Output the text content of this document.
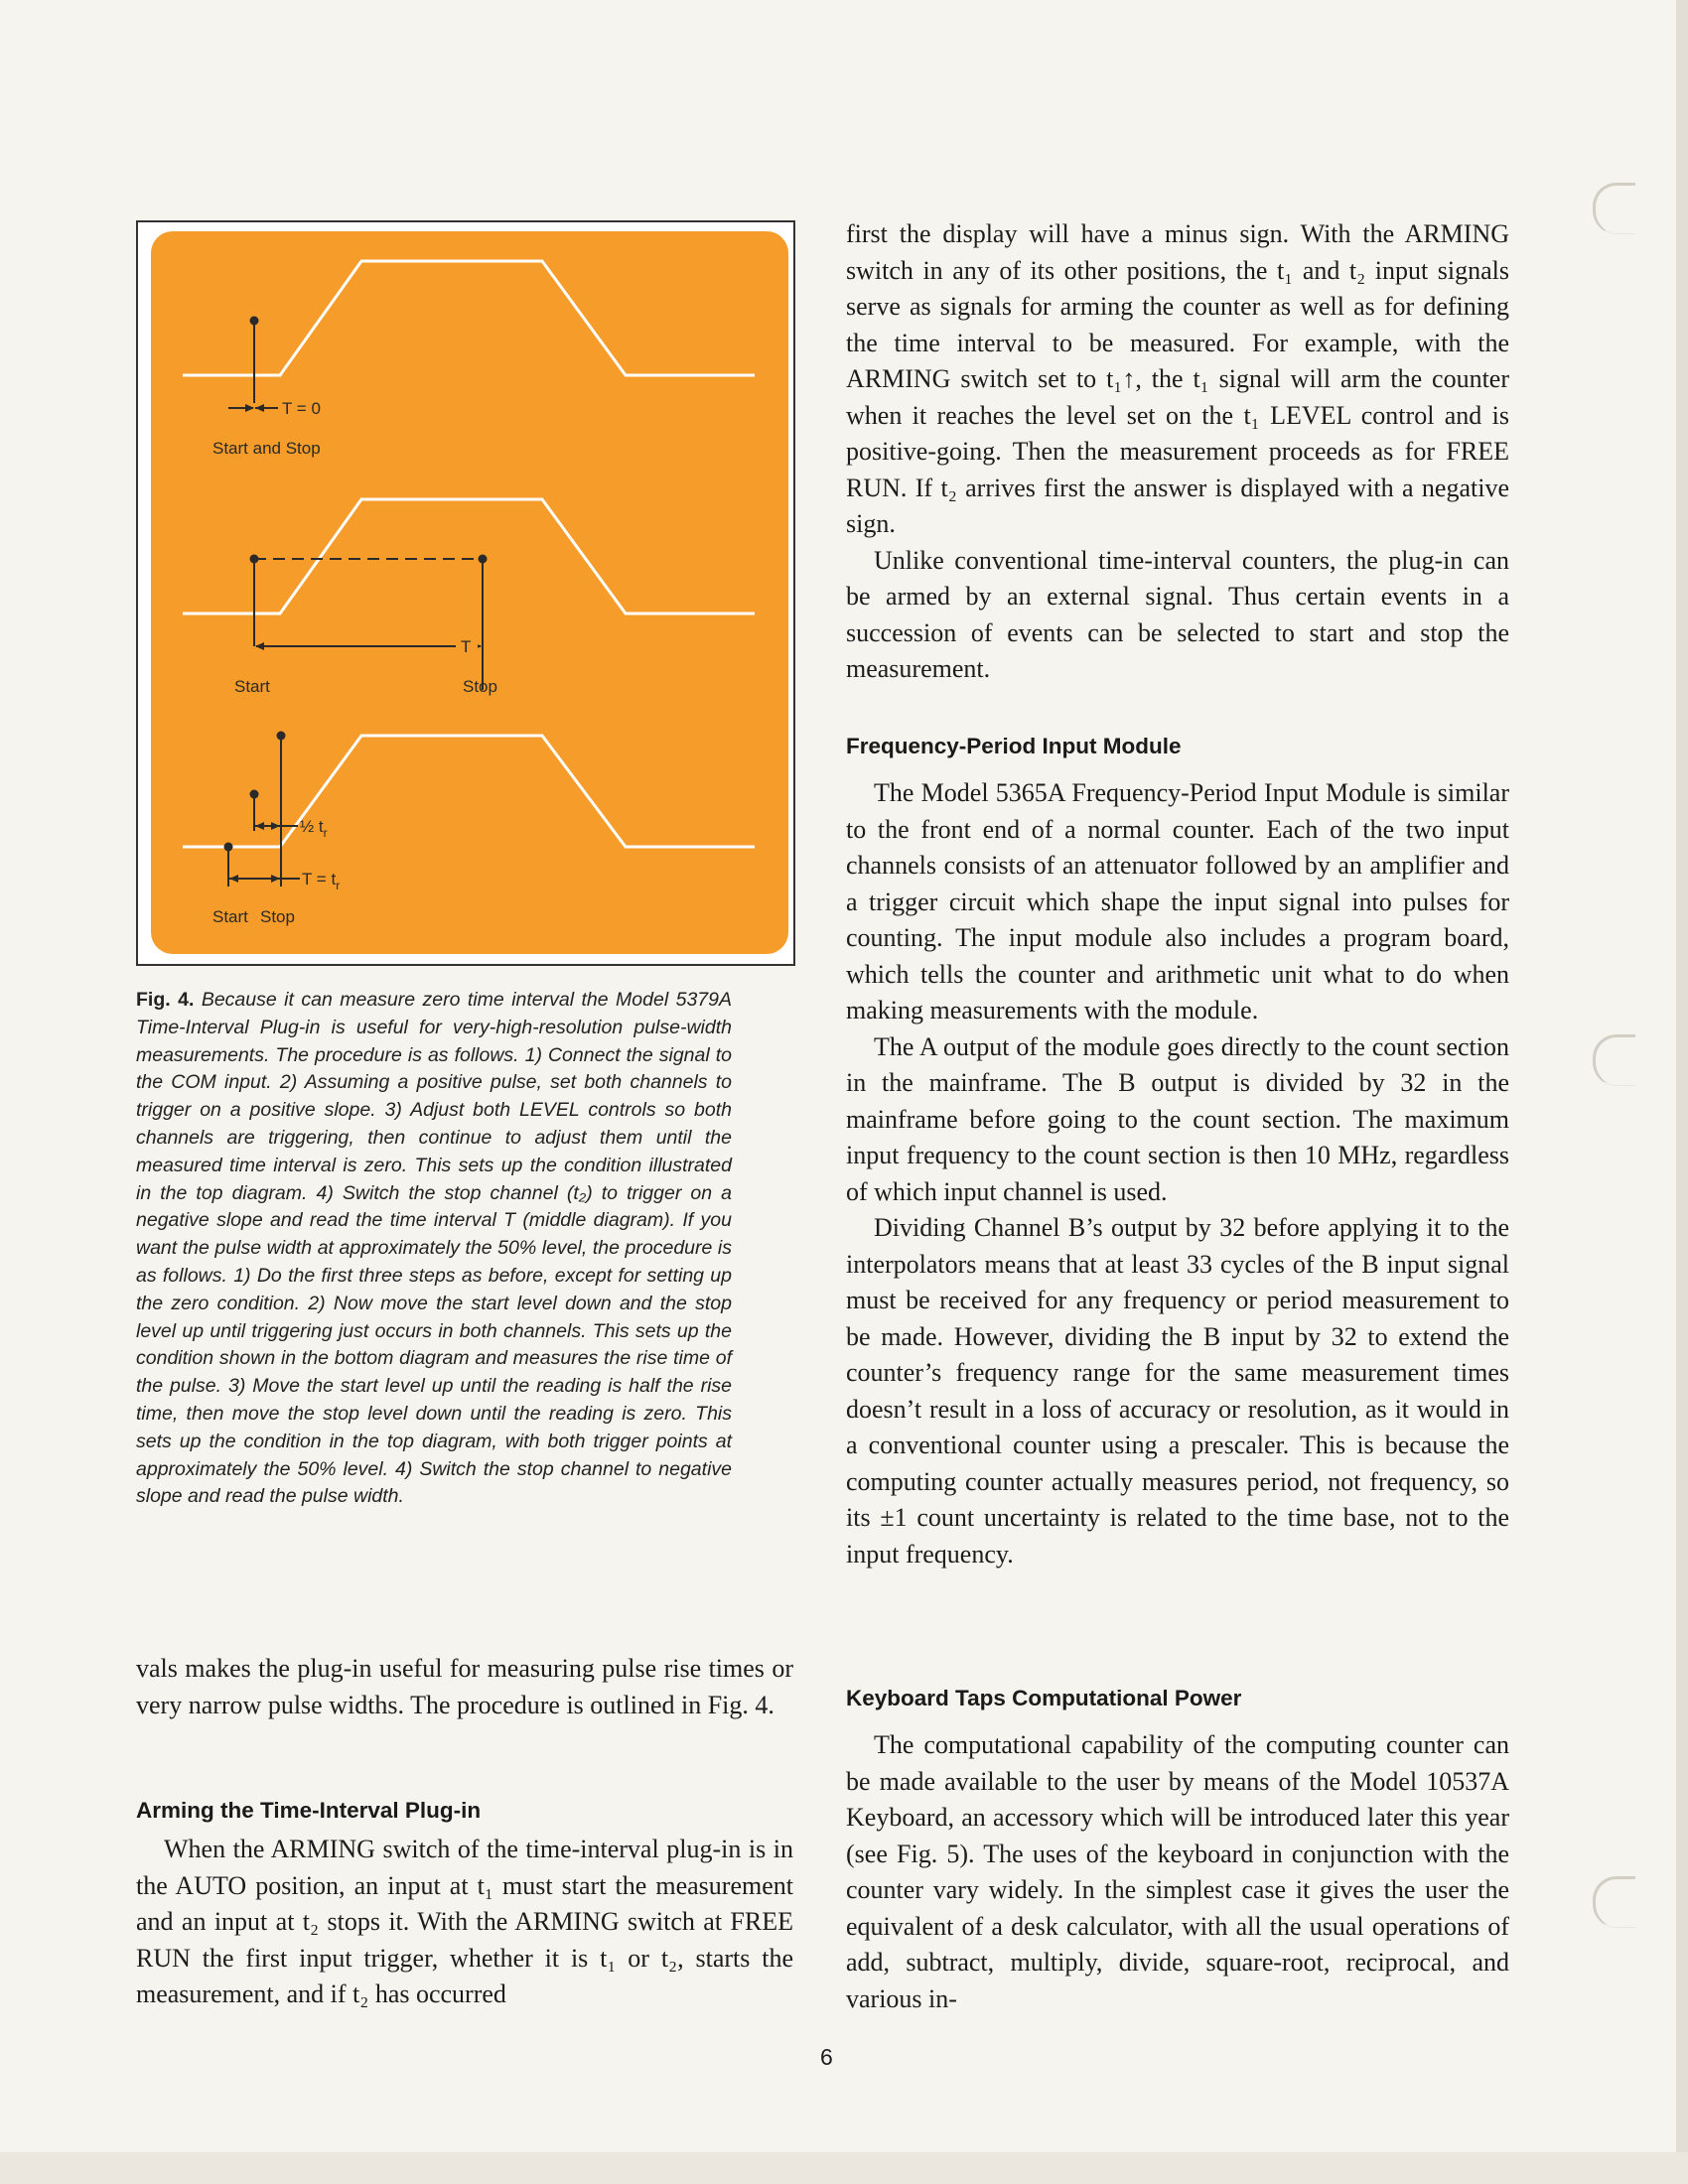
T = 0
Start and Stop
T
Start	Stop
½ $t_r$
$T = t_r$
Start Stop
Fig. 4. Because it can measure zero time interval the Model 5379A Time-Interval Plug-in is useful for very-high-resolution pulse-width measurements. The procedure is as follows. 1) Connect the signal to the COM input. 2) Assuming a positive pulse, set both channels to trigger on a positive slope. 3) Adjust both LEVEL controls so both channels are triggering, then continue to adjust them until the measured time interval is zero. This sets up the condition illustrated in the top diagram. 4) Switch the stop channel (t₂) to trigger on a negative slope and read the time interval T (middle diagram). If you want the pulse width at approximately the 50% level, the procedure is as follows. 1) Do the first three steps as before, except for setting up the zero condition. 2) Now move the start level down and the stop level up until triggering just occurs in both channels. This sets up the condition shown in the bottom diagram and measures the rise time of the pulse. 3) Move the start level up until the reading is half the rise time, then move the stop level down until the reading is zero. This sets up the condition in the top diagram, with both trigger points at approximately the 50% level. 4) Switch the stop channel to negative slope and read the pulse width.

vals makes the plug-in useful for measuring pulse rise times or very narrow pulse widths. The procedure is outlined in Fig. 4.

Arming the Time-Interval Plug-in

When the ARMING switch of the time-interval plug-in is in the AUTO position, an input at t₁ must start the measurement and an input at t₂ stops it. With the ARMING switch at FREE RUN the first input trigger, whether it is t₁ or t₂, starts the measurement, and if t₂ has occurred

first the display will have a minus sign. With the ARMING switch in any of its other positions, the t₁ and t₂ input signals serve as signals for arming the counter as well as for defining the time interval to be measured. For example, with the ARMING switch set to t₁↑, the t₁ signal will arm the counter when it reaches the level set on the t₁ LEVEL control and is positive-going. Then the measurement proceeds as for FREE RUN. If t₂ arrives first the answer is displayed with a negative sign.

Unlike conventional time-interval counters, the plug-in can be armed by an external signal. Thus certain events in a succession of events can be selected to start and stop the measurement.

Frequency-Period Input Module

The Model 5365A Frequency-Period Input Module is similar to the front end of a normal counter. Each of the two input channels consists of an attenuator followed by an amplifier and a trigger circuit which shape the input signal into pulses for counting. The input module also includes a program board, which tells the counter and arithmetic unit what to do when making measurements with the module.

The A output of the module goes directly to the count section in the mainframe. The B output is divided by 32 in the mainframe before going to the count section. The maximum input frequency to the count section is then 10 MHz, regardless of which input channel is used.

Dividing Channel B’s output by 32 before applying it to the interpolators means that at least 33 cycles of the B input signal must be received for any frequency or period measurement to be made. However, dividing the B input by 32 to extend the counter’s frequency range for the same measurement times doesn’t result in a loss of accuracy or resolution, as it would in a conventional counter using a prescaler. This is because the computing counter actually measures period, not frequency, so its ±1 count uncertainty is related to the time base, not to the input frequency.

Keyboard Taps Computational Power

The computational capability of the computing counter can be made available to the user by means of the Model 10537A Keyboard, an accessory which will be introduced later this year (see Fig. 5). The uses of the keyboard in conjunction with the counter vary widely. In the simplest case it gives the user the equivalent of a desk calculator, with all the usual operations of add, subtract, multiply, divide, square-root, reciprocal, and various in-

6
